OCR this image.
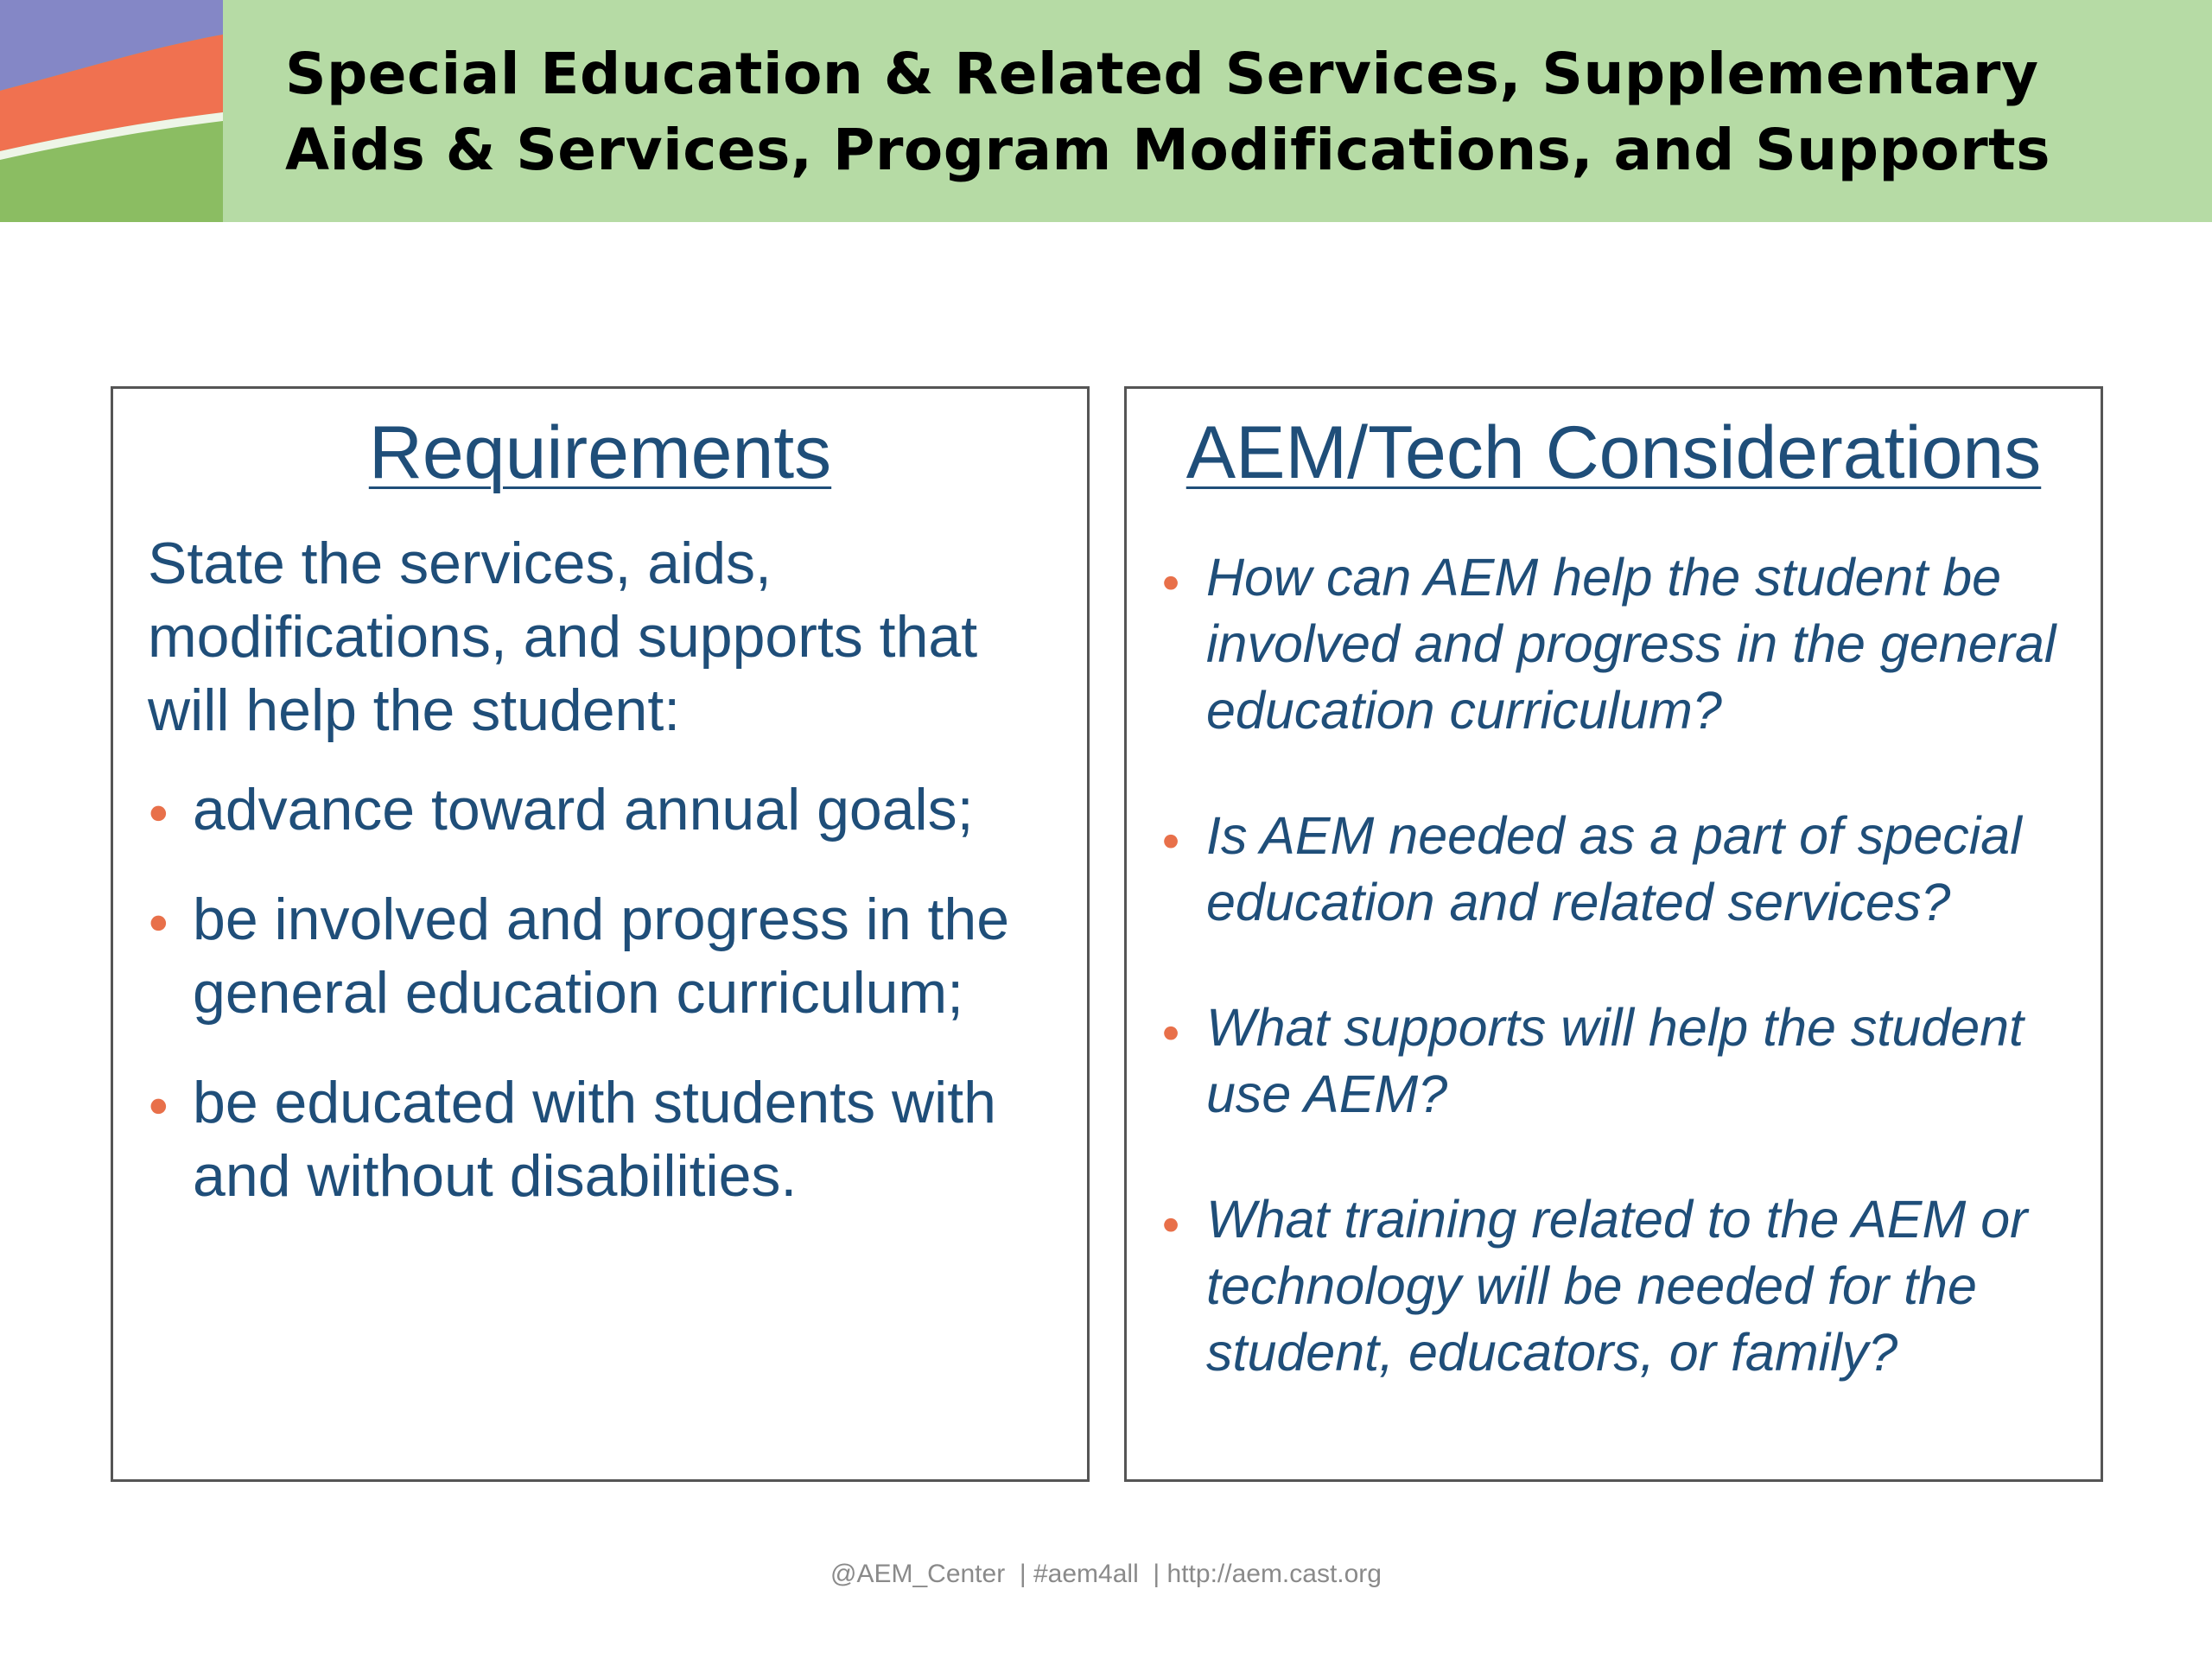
Special Education & Related Services, Supplementary
Aids & Services, Program Modifications, and Supports
Requirements

State the services, aids, modifications, and supports that will help the student:

● advance toward annual goals;
● be involved and progress in the general education curriculum;
● be educated with students with and without disabilities.
AEM/Tech Considerations
● How can AEM help the student be involved and progress in the general education curriculum?
● Is AEM needed as a part of special education and related services?
● What supports will help the student use AEM?
● What training related to the AEM or technology will be needed for the student, educators, or family?
@AEM_Center  | #aem4all  | http://aem.cast.org
